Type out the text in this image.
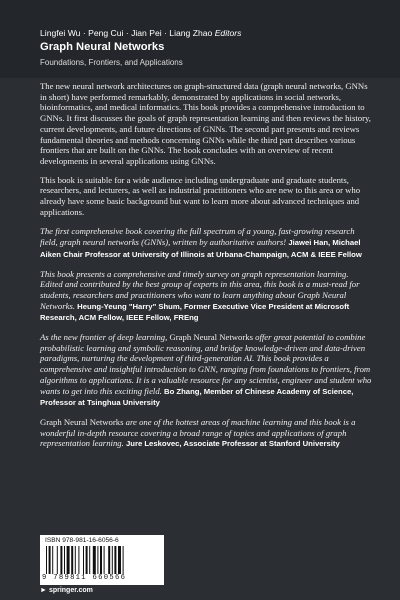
Lingfei Wu · Peng Cui · Jian Pei · Liang Zhao Editors
Graph Neural Networks
Foundations, Frontiers, and Applications

The new neural network architectures on graph-structured data (graph neural networks, GNNs in short) have performed remarkably, demonstrated by applications in social networks, bioinformatics, and medical informatics. This book provides a comprehensive introduction to GNNs. It first discusses the goals of graph representation learning and then reviews the history, current developments, and future directions of GNNs. The second part presents and reviews fundamental theories and methods concerning GNNs while the third part describes various frontiers that are built on the GNNs. The book concludes with an overview of recent developments in several applications using GNNs.

This book is suitable for a wide audience including undergraduate and graduate students, researchers, and lecturers, as well as industrial practitioners who are new to this area or who already have some basic background but want to learn more about advanced techniques and applications.

The first comprehensive book covering the full spectrum of a young, fast-growing research field, graph neural networks (GNNs), written by authoritative authors! Jiawei Han, Michael Aiken Chair Professor at University of Illinois at Urbana-Champaign, ACM & IEEE Fellow

This book presents a comprehensive and timely survey on graph representation learning. Edited and contributed by the best group of experts in this area, this book is a must-read for students, researchers and practitioners who want to learn anything about Graph Neural Networks. Heung-Yeung "Harry" Shum, Former Executive Vice President at Microsoft Research, ACM Fellow, IEEE Fellow, FREng

As the new frontier of deep learning, Graph Neural Networks offer great potential to combine probabilistic learning and symbolic reasoning, and bridge knowledge-driven and data-driven paradigms, nurturing the development of third-generation AI. This book provides a comprehensive and insightful introduction to GNN, ranging from foundations to frontiers, from algorithms to applications. It is a valuable resource for any scientist, engineer and student who wants to get into this exciting field. Bo Zhang, Member of Chinese Academy of Science, Professor at Tsinghua University

Graph Neural Networks are one of the hottest areas of machine learning and this book is a wonderful in-depth resource covering a broad range of topics and applications of graph representation learning. Jure Leskovec, Associate Professor at Stanford University

ISBN 978-981-16-6056-6
9 789811 660566
► springer.com
